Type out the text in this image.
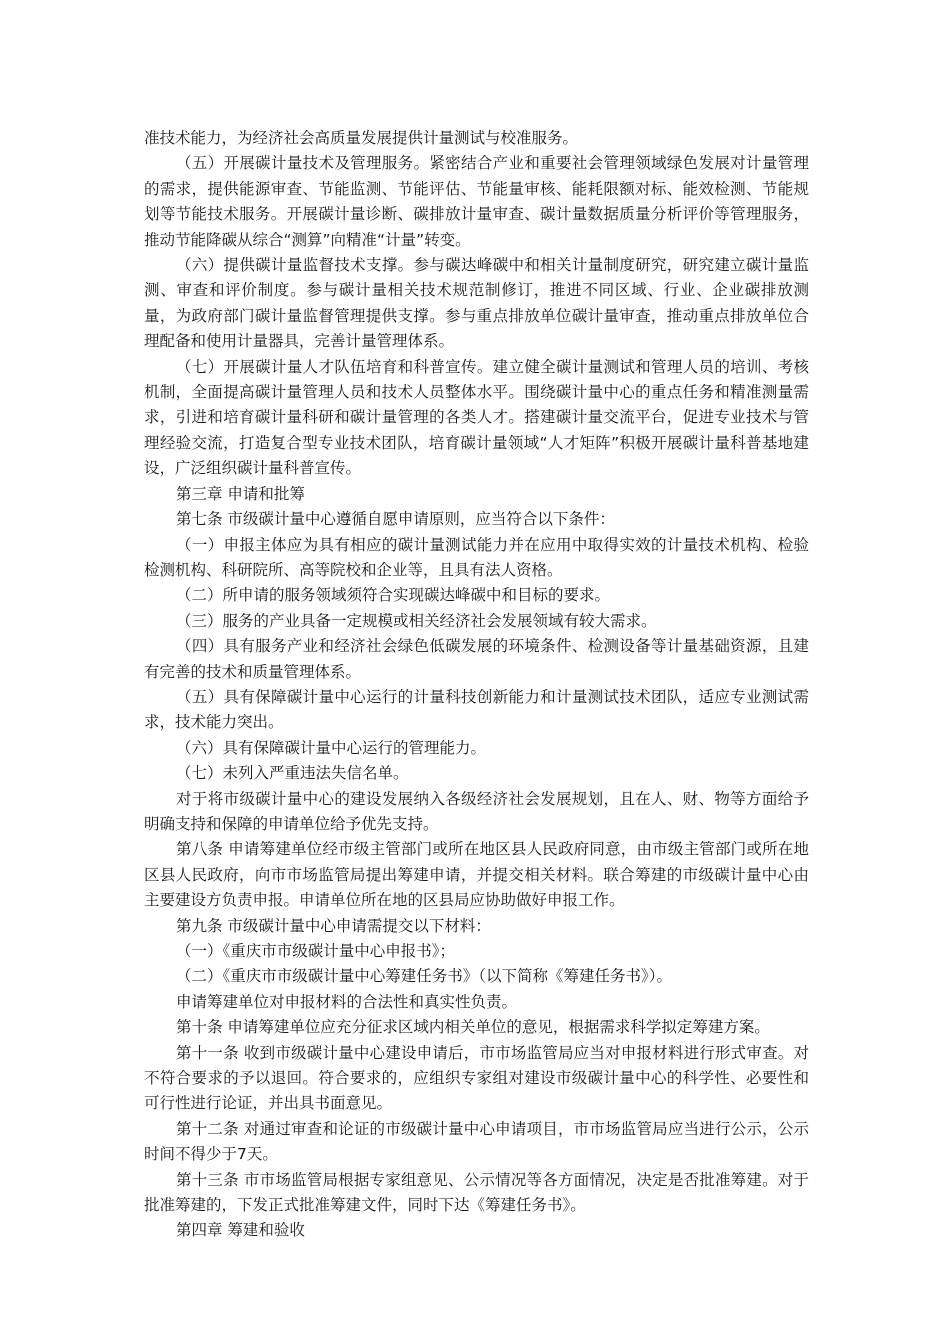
准技术能力，为经济社会高质量发展提供计量测试与校准服务。

（五）开展碳计量技术及管理服务。紧密结合产业和重要社会管理领域绿色发展对计量管理的需求，提供能源审查、节能监测、节能评估、节能量审核、能耗限额对标、能效检测、节能规划等节能技术服务。开展碳计量诊断、碳排放计量审查、碳计量数据质量分析评价等管理服务，推动节能降碳从综合“测算”向精准“计量”转变。

（六）提供碳计量监督技术支撑。参与碳达峰碳中和相关计量制度研究，研究建立碳计量监测、审查和评价制度。参与碳计量相关技术规范制修订，推进不同区域、行业、企业碳排放测量，为政府部门碳计量监督管理提供支撑。参与重点排放单位碳计量审查，推动重点排放单位合理配备和使用计量器具，完善计量管理体系。

（七）开展碳计量人才队伍培育和科普宣传。建立健全碳计量测试和管理人员的培训、考核机制，全面提高碳计量管理人员和技术人员整体水平。围绕碳计量中心的重点任务和精准测量需求，引进和培育碳计量科研和碳计量管理的各类人才。搭建碳计量交流平台，促进专业技术与管理经验交流，打造复合型专业技术团队，培育碳计量领域“人才矩阵”积极开展碳计量科普基地建设，广泛组织碳计量科普宣传。

第三章 申请和批筹

第七条 市级碳计量中心遵循自愿申请原则，应当符合以下条件：

（一）申报主体应为具有相应的碳计量测试能力并在应用中取得实效的计量技术机构、检验检测机构、科研院所、高等院校和企业等，且具有法人资格。

（二）所申请的服务领域须符合实现碳达峰碳中和目标的要求。

（三）服务的产业具备一定规模或相关经济社会发展领域有较大需求。

（四）具有服务产业和经济社会绿色低碳发展的环境条件、检测设备等计量基础资源，且建有完善的技术和质量管理体系。

（五）具有保障碳计量中心运行的计量科技创新能力和计量测试技术团队，适应专业测试需求，技术能力突出。

（六）具有保障碳计量中心运行的管理能力。

（七）未列入严重违法失信名单。

对于将市级碳计量中心的建设发展纳入各级经济社会发展规划，且在人、财、物等方面给予明确支持和保障的申请单位给予优先支持。

第八条 申请筹建单位经市级主管部门或所在地区县人民政府同意，由市级主管部门或所在地区县人民政府，向市市场监管局提出筹建申请，并提交相关材料。联合筹建的市级碳计量中心由主要建设方负责申报。申请单位所在地的区县局应协助做好申报工作。

第九条 市级碳计量中心申请需提交以下材料：

（一）《重庆市市级碳计量中心申报书》；

（二）《重庆市市级碳计量中心筹建任务书》（以下简称《筹建任务书》）。

申请筹建单位对申报材料的合法性和真实性负责。

第十条 申请筹建单位应充分征求区域内相关单位的意见，根据需求科学拟定筹建方案。

第十一条 收到市级碳计量中心建设申请后，市市场监管局应当对申报材料进行形式审查。对不符合要求的予以退回。符合要求的，应组织专家组对建设市级碳计量中心的科学性、必要性和可行性进行论证，并出具书面意见。

第十二条 对通过审查和论证的市级碳计量中心申请项目，市市场监管局应当进行公示，公示时间不得少于7天。

第十三条 市市场监管局根据专家组意见、公示情况等各方面情况，决定是否批准筹建。对于批准筹建的，下发正式批准筹建文件，同时下达《筹建任务书》。

第四章 筹建和验收
